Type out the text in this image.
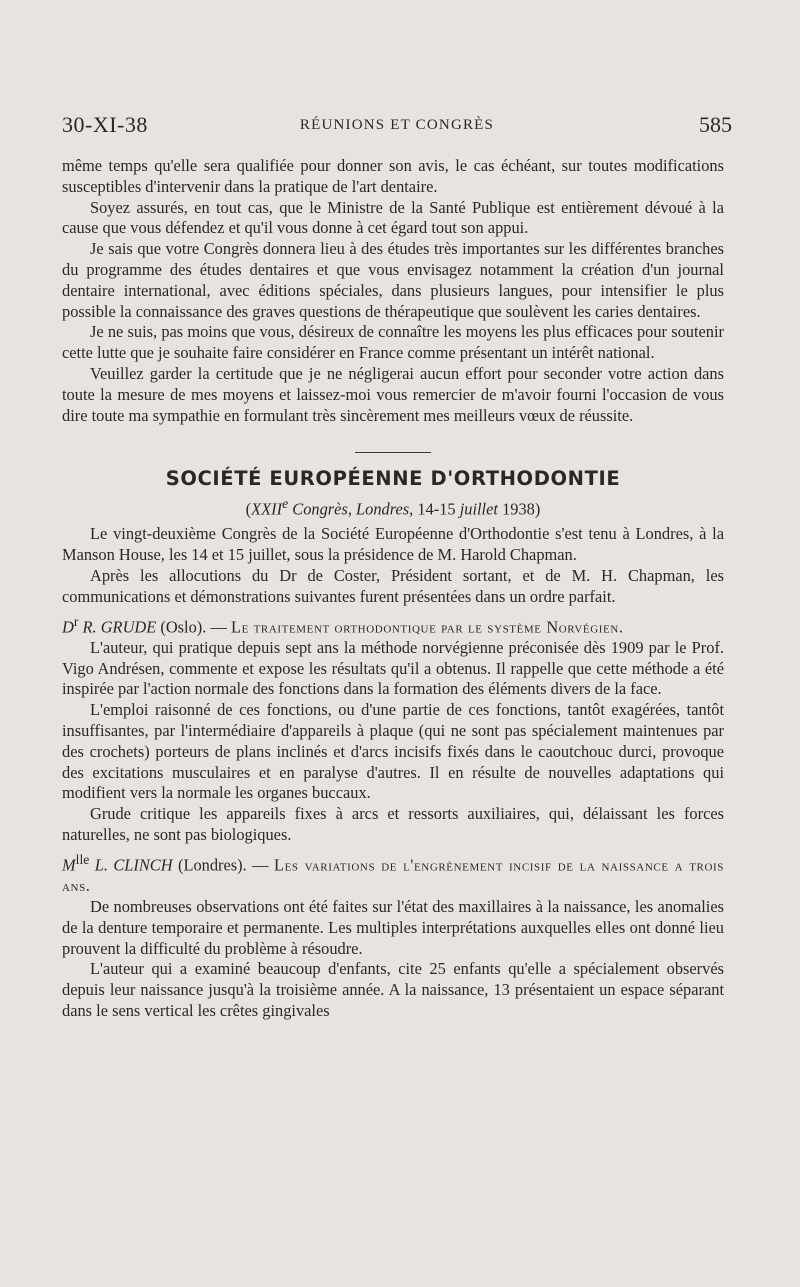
30-XI-38	RÉUNIONS ET CONGRÈS	585

même temps qu'elle sera qualifiée pour donner son avis, le cas échéant, sur toutes modifications susceptibles d'intervenir dans la pratique de l'art dentaire.

Soyez assurés, en tout cas, que le Ministre de la Santé Publique est entièrement dévoué à la cause que vous défendez et qu'il vous donne à cet égard tout son appui.

Je sais que votre Congrès donnera lieu à des études très importantes sur les différentes branches du programme des études dentaires et que vous envisagez notamment la création d'un journal dentaire international, avec éditions spéciales, dans plusieurs langues, pour intensifier le plus possible la connaissance des graves questions de thérapeutique que soulèvent les caries dentaires.

Je ne suis, pas moins que vous, désireux de connaître les moyens les plus efficaces pour soutenir cette lutte que je souhaite faire considérer en France comme présentant un intérêt national.

Veuillez garder la certitude que je ne négligerai aucun effort pour seconder votre action dans toute la mesure de mes moyens et laissez-moi vous remercier de m'avoir fourni l'occasion de vous dire toute ma sympathie en formulant très sincèrement mes meilleurs vœux de réussite.

SOCIÉTÉ EUROPÉENNE D'ORTHODONTIE
(XXIIe Congrès, Londres, 14-15 juillet 1938)

Le vingt-deuxième Congrès de la Société Européenne d'Orthodontie s'est tenu à Londres, à la Manson House, les 14 et 15 juillet, sous la présidence de M. Harold Chapman.

Après les allocutions du Dr de Coster, Président sortant, et de M. H. Chapman, les communications et démonstrations suivantes furent présentées dans un ordre parfait.

$D^r$ R. GRUDE (Oslo). — Le traitement orthodontique par le système Norvégien.

L'auteur, qui pratique depuis sept ans la méthode norvégienne préconisée dès 1909 par le Prof. Vigo Andrésen, commente et expose les résultats qu'il a obtenus. Il rappelle que cette méthode a été inspirée par l'action normale des fonctions dans la formation des éléments divers de la face.

L'emploi raisonné de ces fonctions, ou d'une partie de ces fonctions, tantôt exagérées, tantôt insuffisantes, par l'intermédiaire d'appareils à plaque (qui ne sont pas spécialement maintenues par des crochets) porteurs de plans inclinés et d'arcs incisifs fixés dans le caoutchouc durci, provoque des excitations musculaires et en paralyse d'autres. Il en résulte de nouvelles adaptations qui modifient vers la normale les organes buccaux.

Grude critique les appareils fixes à arcs et ressorts auxiliaires, qui, délaissant les forces naturelles, ne sont pas biologiques.

$M^{lle}$ L. CLINCH (Londres). — Les variations de l'engrènement incisif de la naissance a trois ans.

De nombreuses observations ont été faites sur l'état des maxillaires à la naissance, les anomalies de la denture temporaire et permanente. Les multiples interprétations auxquelles elles ont donné lieu prouvent la difficulté du problème à résoudre.

L'auteur qui a examiné beaucoup d'enfants, cite 25 enfants qu'elle a spécialement observés depuis leur naissance jusqu'à la troisième année. A la naissance, 13 présentaient un espace séparant dans le sens vertical les crêtes gingivales
